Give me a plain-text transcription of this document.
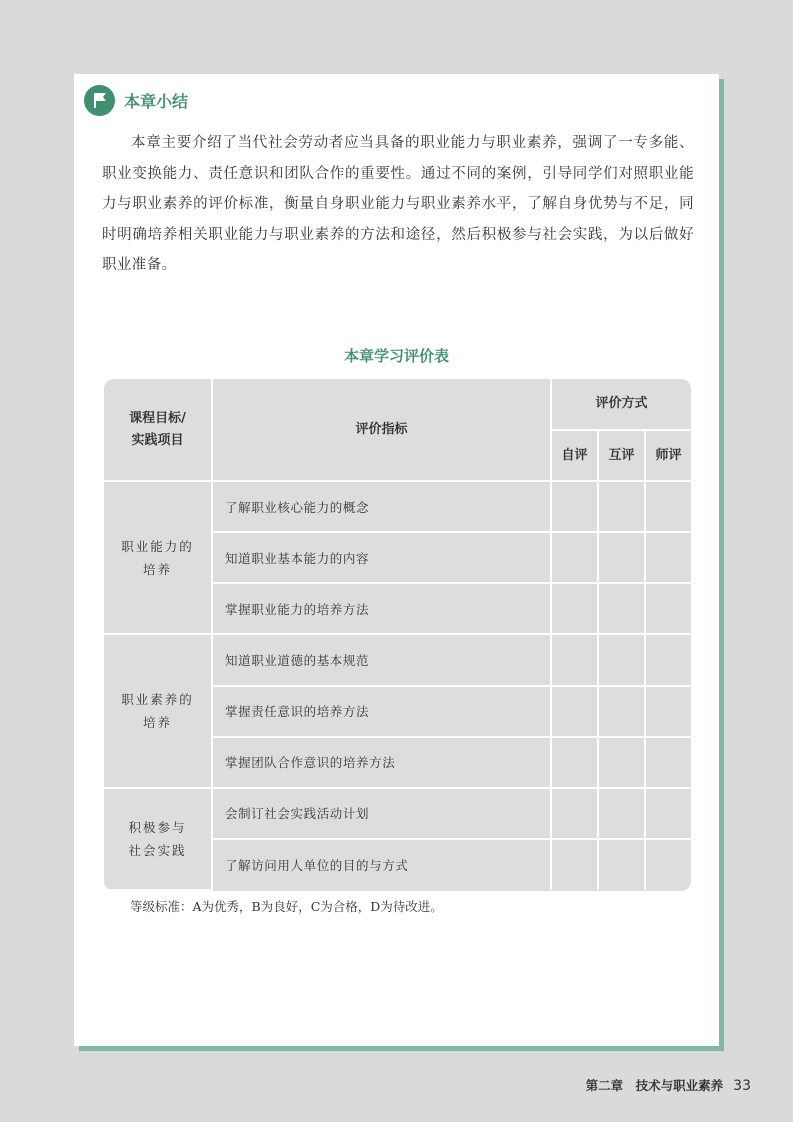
本章小结

本章主要介绍了当代社会劳动者应当具备的职业能力与职业素养，强调了一专多能、职业变换能力、责任意识和团队合作的重要性。通过不同的案例，引导同学们对照职业能力与职业素养的评价标准，衡量自身职业能力与职业素养水平，了解自身优势与不足，同时明确培养相关职业能力与职业素养的方法和途径，然后积极参与社会实践，为以后做好职业准备。

本章学习评价表
课程目标/
实践项目	评价指标	评价方式		
		自评	互评	师评
职业能力的
培养	了解职业核心能力的概念			
	知道职业基本能力的内容			
	掌握职业能力的培养方法			
职业素养的
培养	知道职业道德的基本规范			
	掌握责任意识的培养方法			
	掌握团队合作意识的培养方法			
积极参与
社会实践	会制订社会实践活动计划			
	了解访问用人单位的目的与方式			
等级标准：A为优秀，B为良好，C为合格，D为待改进。
第二章　技术与职业素养 33
